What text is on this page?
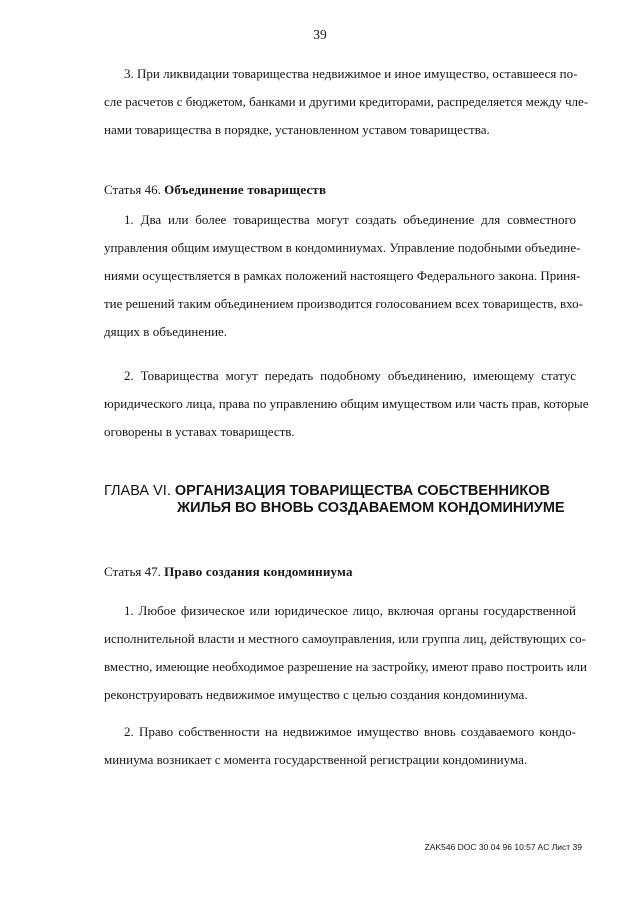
39
3. При ликвидации товарищества недвижимое и иное имущество, оставшееся по-
сле расчетов с бюджетом, банками и другими кредиторами, распределяется между чле-
нами товарищества в порядке, установленном уставом товарищества.
Статья 46. Объединение товариществ
1. Два или более товарищества могут создать объединение для совместного
управления общим имуществом в кондоминиумах. Управление подобными объедине-
ниями осуществляется в рамках положений настоящего Федерального закона. Приня-
тие решений таким объединением производится голосованием всех товариществ, вхо-
дящих в объединение.
2. Товарищества могут передать подобному объединению, имеющему статус
юридического лица, права по управлению общим имуществом или часть прав, которые
оговорены в уставах товариществ.
ГЛАВА VI. ОРГАНИЗАЦИЯ ТОВАРИЩЕСТВА СОБСТВЕННИКОВ
ЖИЛЬЯ ВО ВНОВЬ СОЗДАВАЕМОМ КОНДОМИНИУМЕ
Статья 47. Право создания кондоминиума
1. Любое физическое или юридическое лицо, включая органы государственной
исполнительной власти и местного самоуправления, или группа лиц, действующих со-
вместно, имеющие необходимое разрешение на застройку, имеют право построить или
реконструировать недвижимое имущество с целью создания кондоминиума.
2. Право собственности на недвижимое имущество вновь создаваемого кондо-
миниума возникает с момента государственной регистрации кондоминиума.
ZAK546 DOC 30 04 96 10:57 AC Лист 39
